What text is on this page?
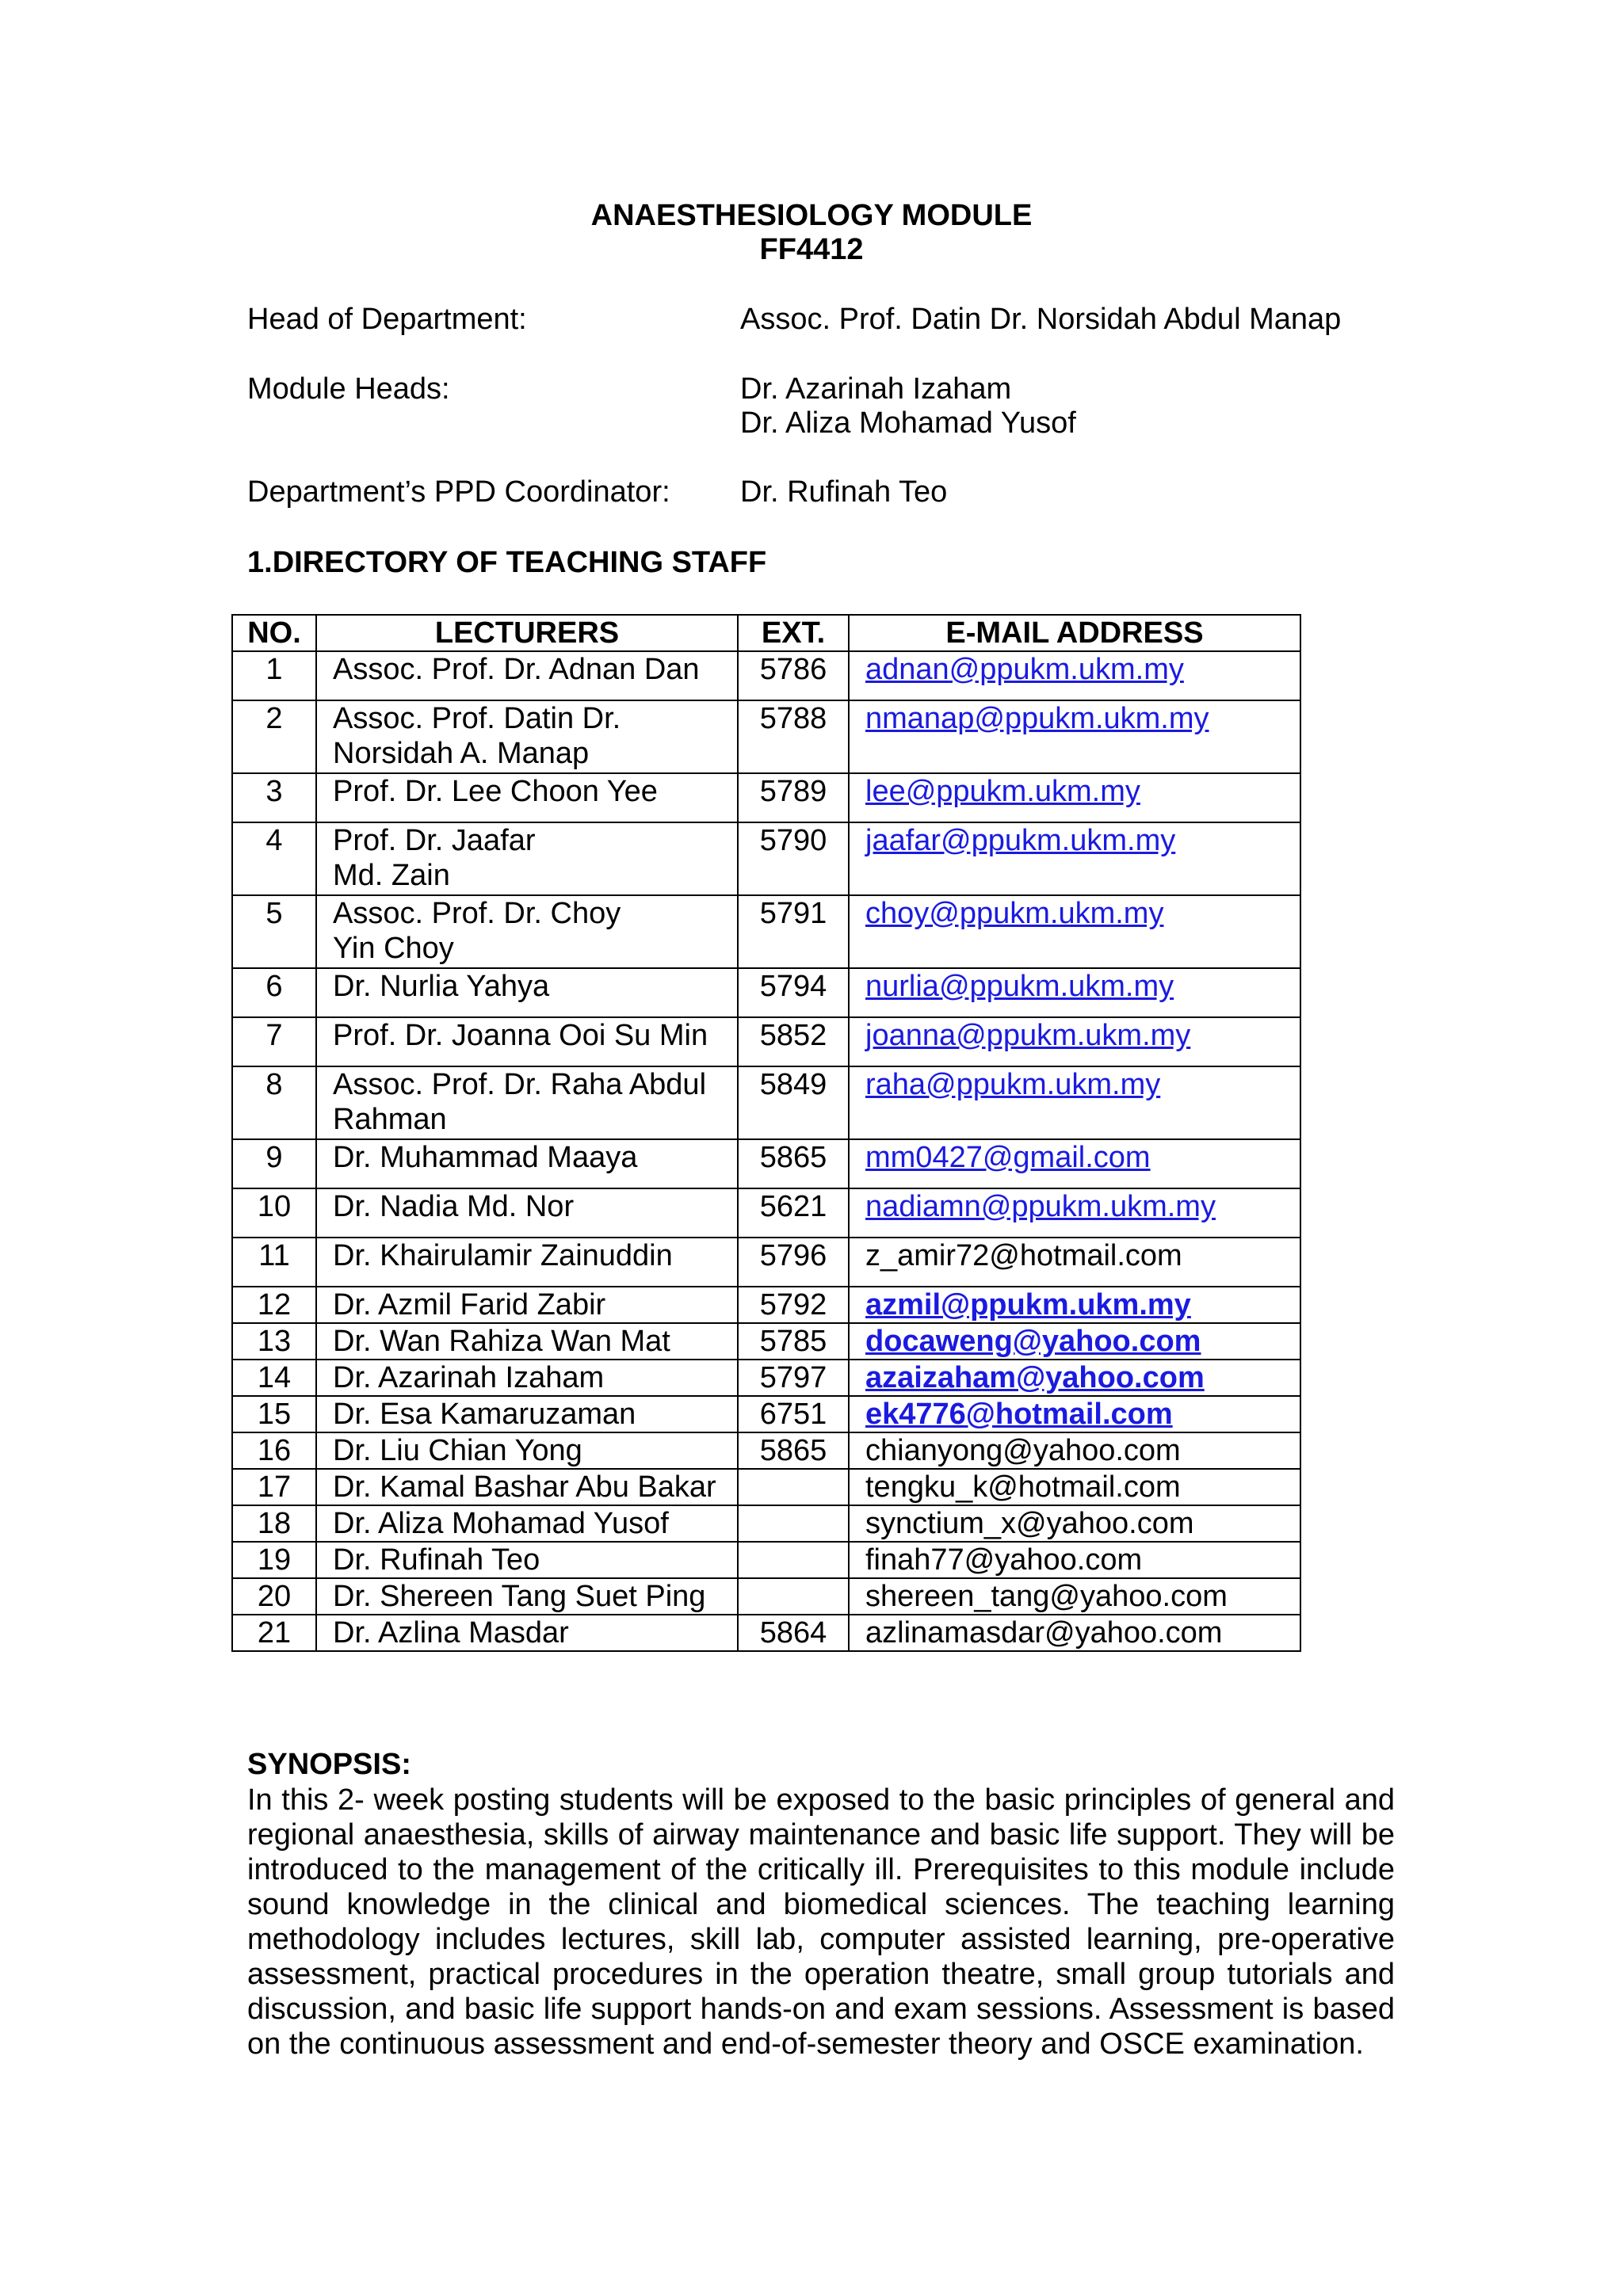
ANAESTHESIOLOGY MODULE
FF4412
Head of Department:	Assoc. Prof. Datin Dr. Norsidah Abdul Manap
Module Heads:	Dr. Azarinah Izaham
Dr. Aliza Mohamad Yusof
Department’s PPD Coordinator: Dr. Rufinah Teo
1.DIRECTORY OF TEACHING STAFF
NO.	LECTURERS	EXT.	E-MAIL ADDRESS
1	Assoc. Prof. Dr. Adnan Dan	5786	adnan@ppukm.ukm.my
2	Assoc. Prof. Datin Dr.
Norsidah A. Manap	5788	nmanap@ppukm.ukm.my
3	Prof. Dr. Lee Choon Yee	5789	lee@ppukm.ukm.my
4	Prof. Dr. Jaafar
Md. Zain	5790	jaafar@ppukm.ukm.my
5	Assoc. Prof. Dr. Choy
Yin Choy	5791	choy@ppukm.ukm.my
6	Dr. Nurlia Yahya	5794	nurlia@ppukm.ukm.my
7	Prof. Dr. Joanna Ooi Su Min	5852	joanna@ppukm.ukm.my
8	Assoc. Prof. Dr. Raha Abdul
Rahman	5849	raha@ppukm.ukm.my
9	Dr. Muhammad Maaya	5865	mm0427@gmail.com
10	Dr. Nadia Md. Nor	5621	nadiamn@ppukm.ukm.my
11	Dr. Khairulamir Zainuddin	5796	z_amir72@hotmail.com
12	Dr. Azmil Farid Zabir	5792	azmil@ppukm.ukm.my
13	Dr. Wan Rahiza Wan Mat	5785	docaweng@yahoo.com
14	Dr. Azarinah Izaham	5797	azaizaham@yahoo.com
15	Dr. Esa Kamaruzaman	6751	ek4776@hotmail.com
16	Dr. Liu Chian Yong	5865	chianyong@yahoo.com
17	Dr. Kamal Bashar Abu Bakar		tengku_k@hotmail.com
18	Dr. Aliza Mohamad Yusof		synctium_x@yahoo.com
19	Dr. Rufinah Teo		finah77@yahoo.com
20	Dr. Shereen Tang Suet Ping		shereen_tang@yahoo.com
21	Dr. Azlina Masdar	5864	azlinamasdar@yahoo.com
SYNOPSIS:
In this 2- week posting students will be exposed to the basic principles of general and regional anaesthesia, skills of airway maintenance and basic life support. They will be introduced to the management of the critically ill. Prerequisites to this module include sound knowledge in the clinical and biomedical sciences. The teaching learning methodology includes lectures, skill lab, computer assisted learning, pre-operative assessment, practical procedures in the operation theatre, small group tutorials and discussion, and basic life support hands-on and exam sessions. Assessment is based on the continuous assessment and end-of-semester theory and OSCE examination.
